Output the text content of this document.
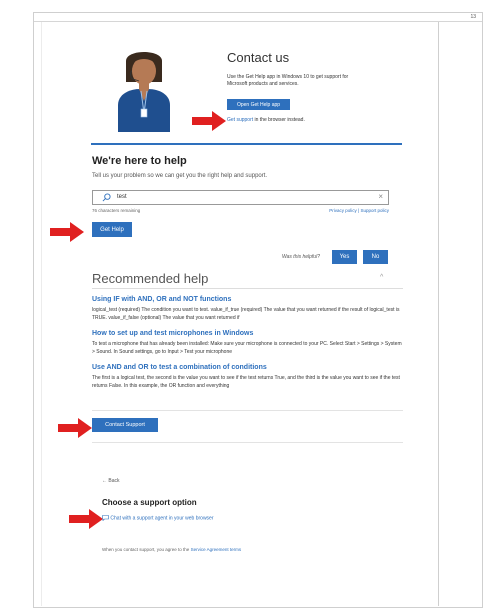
13
Contact us
Use the Get Help app in Windows 10 to get support for Microsoft products and services.
Open Get Help app
Get support in the browser instead.
We're here to help
Tell us your problem so we can get you the right help and support.
test	×
76 characters remaining	Privacy policy | Support policy
Get Help
Was this helpful?	Yes	No
Recommended help	^
Using IF with AND, OR and NOT functions
logical_test (required) The condition you want to test. value_if_true (required) The value that you want returned if the result of logical_test is TRUE. value_if_false (optional) The value that you want returned if
How to set up and test microphones in Windows
To test a microphone that has already been installed: Make sure your microphone is connected to your PC. Select Start > Settings > System > Sound. In Sound settings, go to Input > Test your microphone
Use AND and OR to test a combination of conditions
The first is a logical test, the second is the value you want to see if the test returns True, and the third is the value you want to see if the test returns False. In this example, the OR function and everything
Contact Support
← Back
Choose a support option
Chat with a support agent in your web browser
When you contact support, you agree to the Service Agreement terms
